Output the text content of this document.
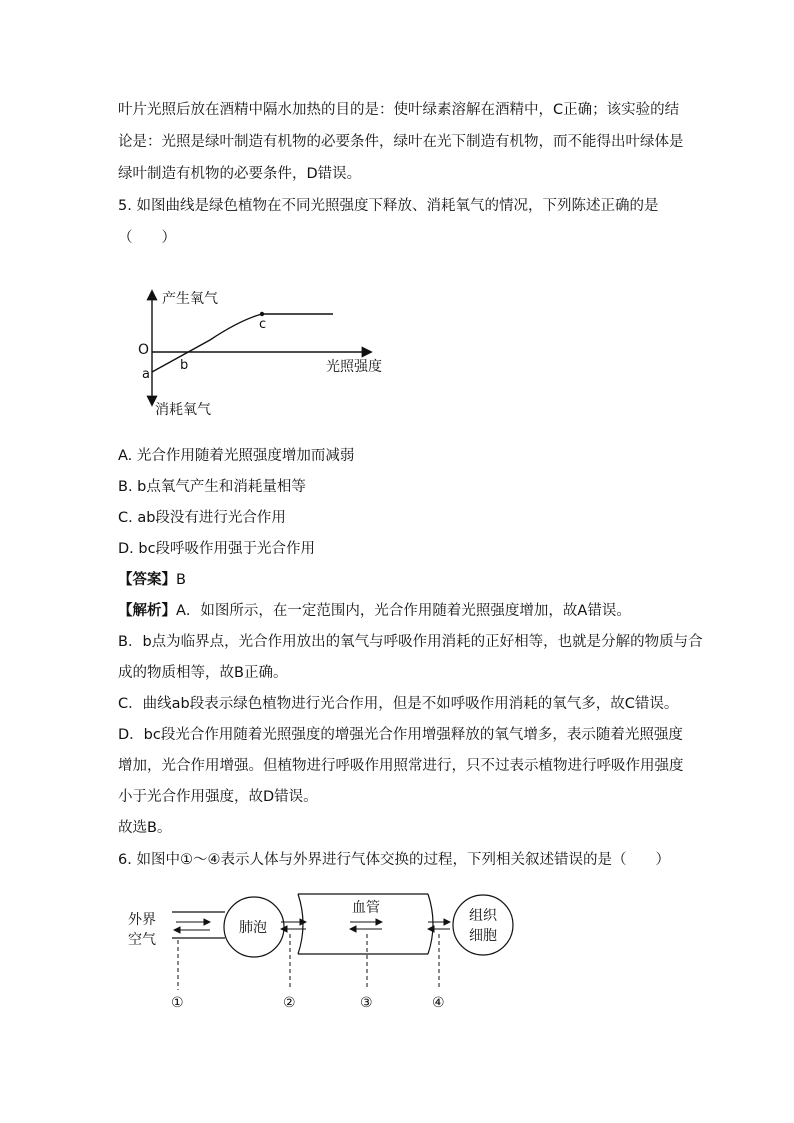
叶片光照后放在酒精中隔水加热的目的是：使叶绿素溶解在酒精中，C正确；该实验的结
论是：光照是绿叶制造有机物的必要条件，绿叶在光下制造有机物，而不能得出叶绿体是
绿叶制造有机物的必要条件，D错误。
5. 如图曲线是绿色植物在不同光照强度下释放、消耗氧气的情况，下列陈述正确的是
（　　）
产生氧气
消耗氧气
光照强度
O
a
b
c
A. 光合作用随着光照强度增加而减弱
B. b点氧气产生和消耗量相等
C. ab段没有进行光合作用
D. bc段呼吸作用强于光合作用
【答案】B
【解析】A．如图所示，在一定范围内，光合作用随着光照强度增加，故A错误。
B．b点为临界点，光合作用放出的氧气与呼吸作用消耗的正好相等，也就是分解的物质与合
成的物质相等，故B正确。
C．曲线ab段表示绿色植物进行光合作用，但是不如呼吸作用消耗的氧气多，故C错误。
D．bc段光合作用随着光照强度的增强光合作用增强释放的氧气增多，表示随着光照强度
增加，光合作用增强。但植物进行呼吸作用照常进行，只不过表示植物进行呼吸作用强度
小于光合作用强度，故D错误。
故选B。
6. 如图中①～④表示人体与外界进行气体交换的过程，下列相关叙述错误的是（　　）
外界
空气
肺泡
血管	组织
细胞
①	②	③	④
